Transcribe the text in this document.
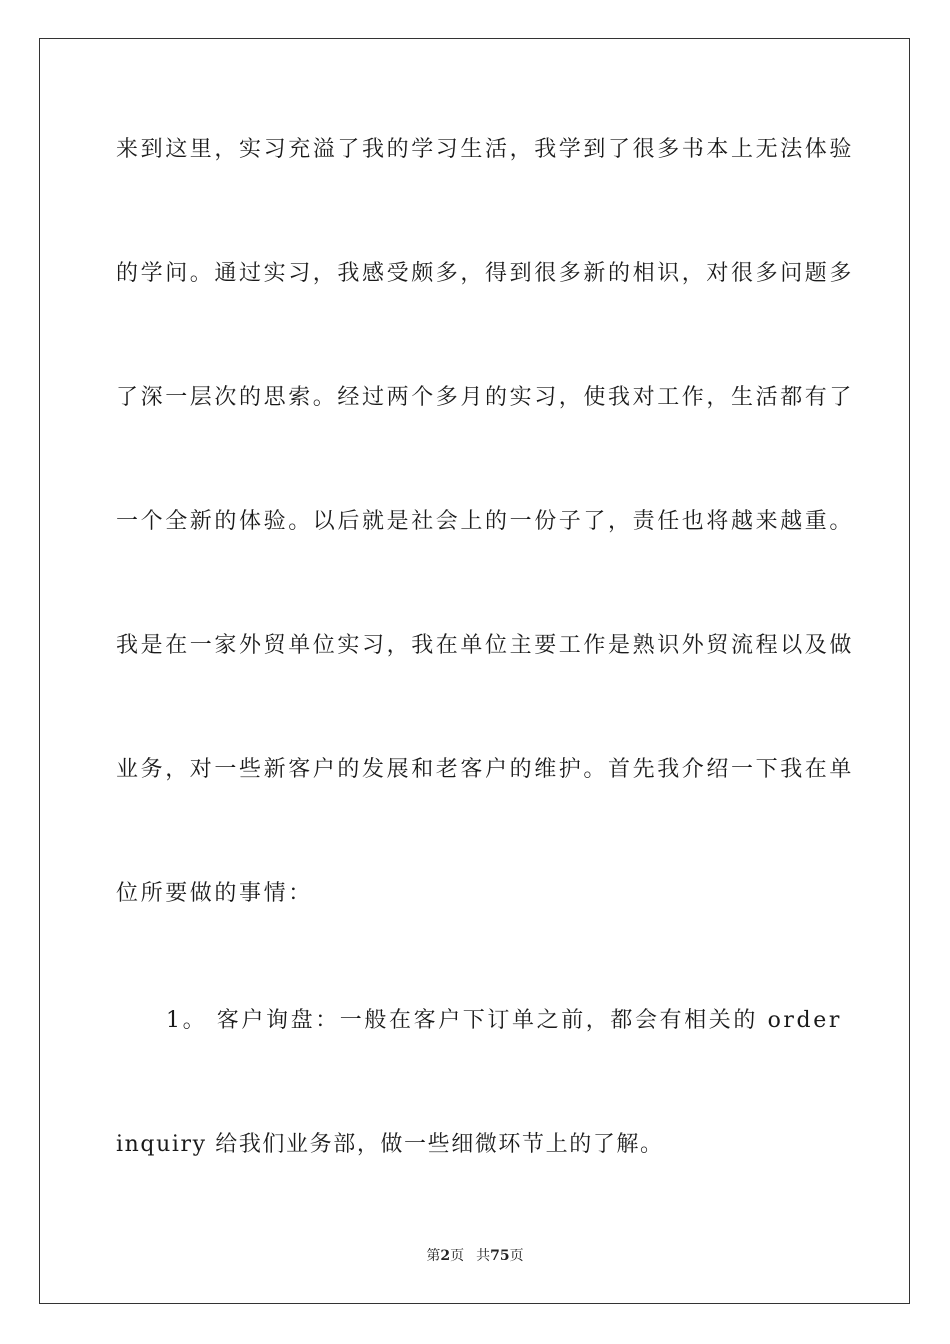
来到这里，实习充溢了我的学习生活，我学到了很多书本上无法体验
的学问。通过实习，我感受颇多，得到很多新的相识，对很多问题多
了深一层次的思索。经过两个多月的实习，使我对工作，生活都有了
一个全新的体验。以后就是社会上的一份子了，责任也将越来越重。
我是在一家外贸单位实习，我在单位主要工作是熟识外贸流程以及做
业务，对一些新客户的发展和老客户的维护。首先我介绍一下我在单
位所要做的事情：
1。 客户询盘：一般在客户下订单之前，都会有相关的 order
inquiry 给我们业务部，做一些细微环节上的了解。
第2页 共75页
